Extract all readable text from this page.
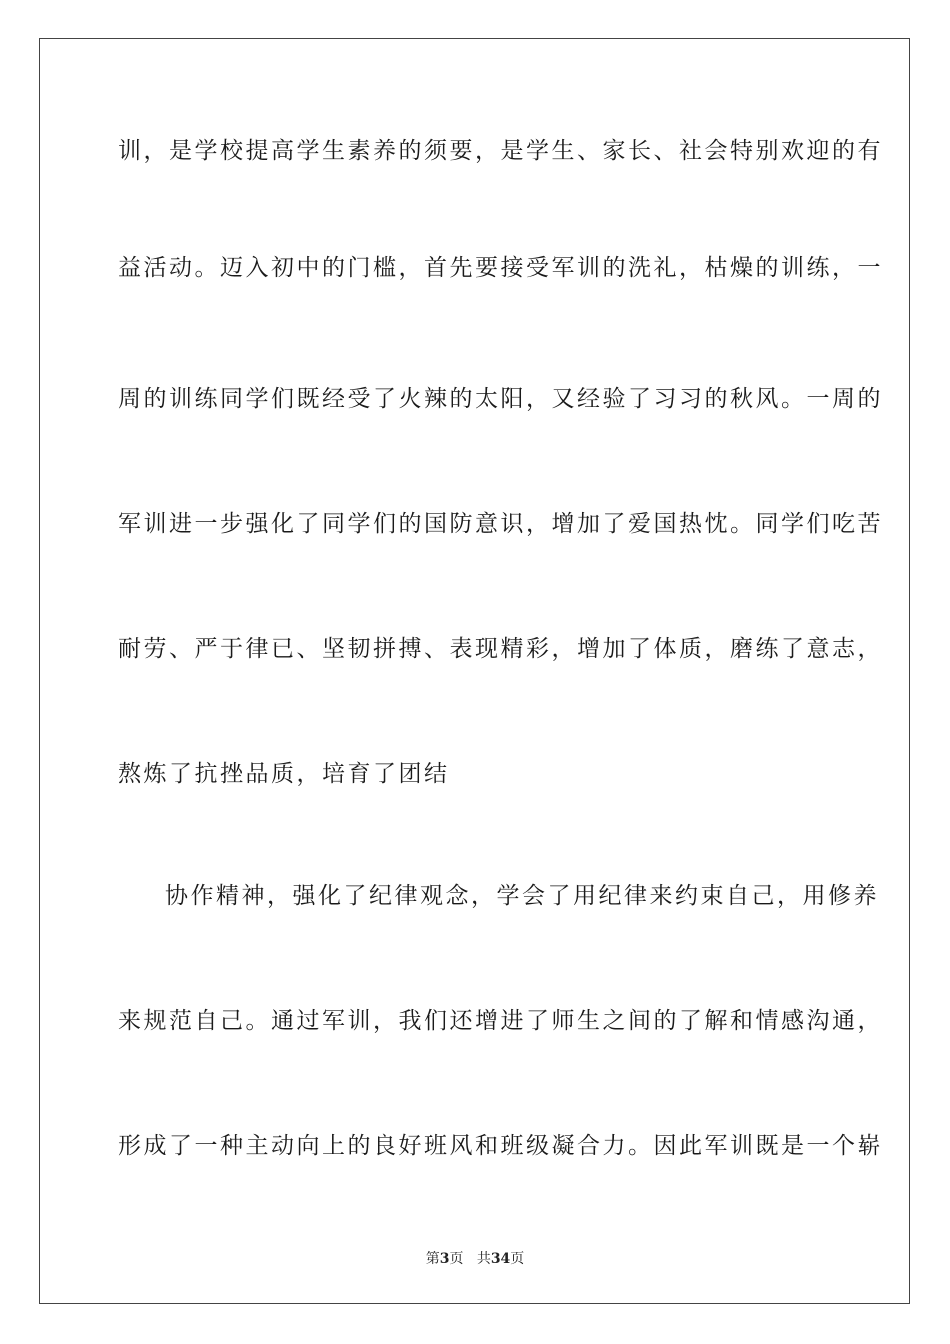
训，是学校提高学生素养的须要，是学生、家长、社会特别欢迎的有
益活动。迈入初中的门槛，首先要接受军训的洗礼，枯燥的训练，一
周的训练同学们既经受了火辣的太阳，又经验了习习的秋风。一周的
军训进一步强化了同学们的国防意识，增加了爱国热忱。同学们吃苦
耐劳、严于律已、坚韧拼搏、表现精彩，增加了体质，磨练了意志，
熬炼了抗挫品质，培育了团结
协作精神，强化了纪律观念，学会了用纪律来约束自己，用修养
来规范自己。通过军训，我们还增进了师生之间的了解和情感沟通，
形成了一种主动向上的良好班风和班级凝合力。因此军训既是一个崭
第3页 共34页
